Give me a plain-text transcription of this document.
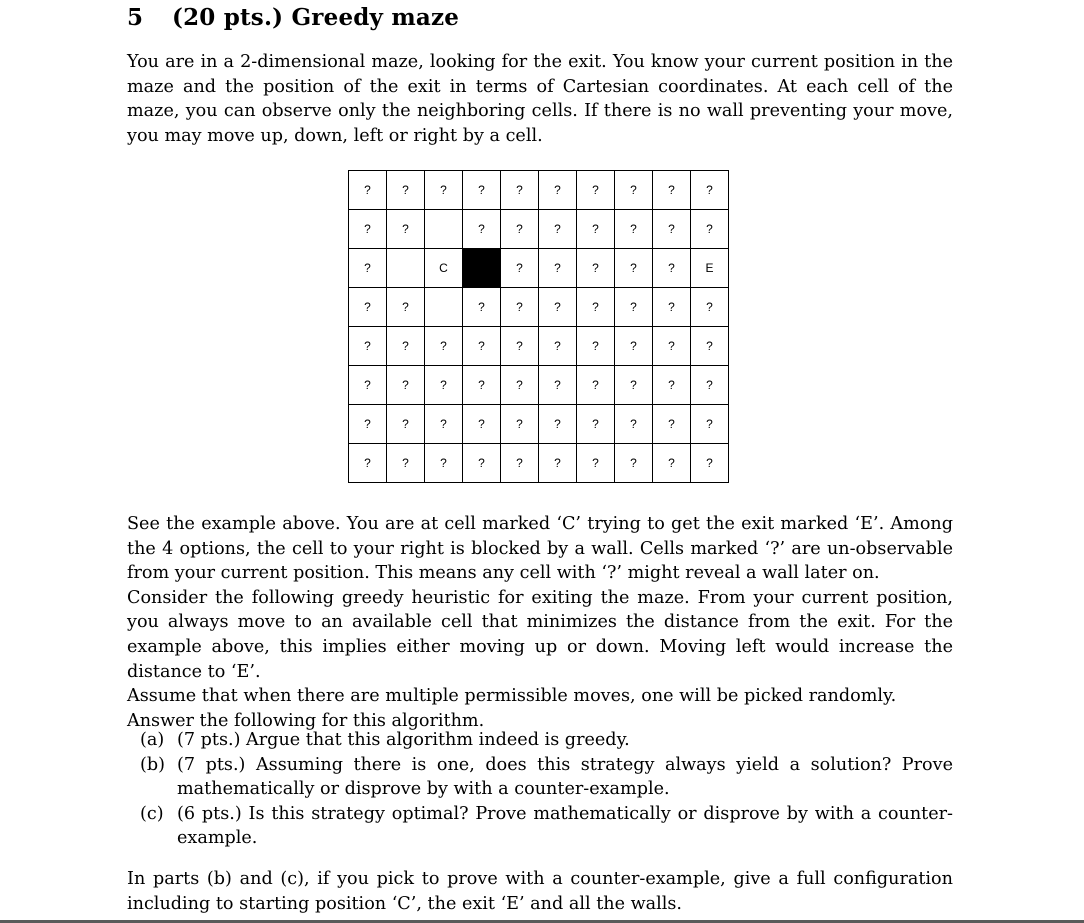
5	(20 pts.) Greedy maze

You are in a 2-dimensional maze, looking for the exit. You know your current position in the maze and the position of the exit in terms of Cartesian coordinates. At each cell of the maze, you can observe only the neighboring cells. If there is no wall preventing your move, you may move up, down, left or right by a cell.

?	?	?	?	?	?	?	?	?	?
?	?		?	?	?	?	?	?	?
?		C		?	?	?	?	?	E
?	?		?	?	?	?	?	?	?
?	?	?	?	?	?	?	?	?	?
?	?	?	?	?	?	?	?	?	?
?	?	?	?	?	?	?	?	?	?
?	?	?	?	?	?	?	?	?	?
See the example above. You are at cell marked ‘C’ trying to get the exit marked ‘E’. Among the 4 options, the cell to your right is blocked by a wall. Cells marked ‘?’ are un-observable from your current position. This means any cell with ‘?’ might reveal a wall later on.
Consider the following greedy heuristic for exiting the maze. From your current position, you always move to an available cell that minimizes the distance from the exit. For the example above, this implies either moving up or down. Moving left would increase the distance to ‘E’.
Assume that when there are multiple permissible moves, one will be picked randomly.
Answer the following for this algorithm.
(a) (7 pts.) Argue that this algorithm indeed is greedy.
(b) (7 pts.) Assuming there is one, does this strategy always yield a solution? Prove mathematically or disprove by with a counter-example.
(c) (6 pts.) Is this strategy optimal? Prove mathematically or disprove by with a counter-example.

In parts (b) and (c), if you pick to prove with a counter-example, give a full configuration including to starting position ‘C’, the exit ‘E’ and all the walls.
